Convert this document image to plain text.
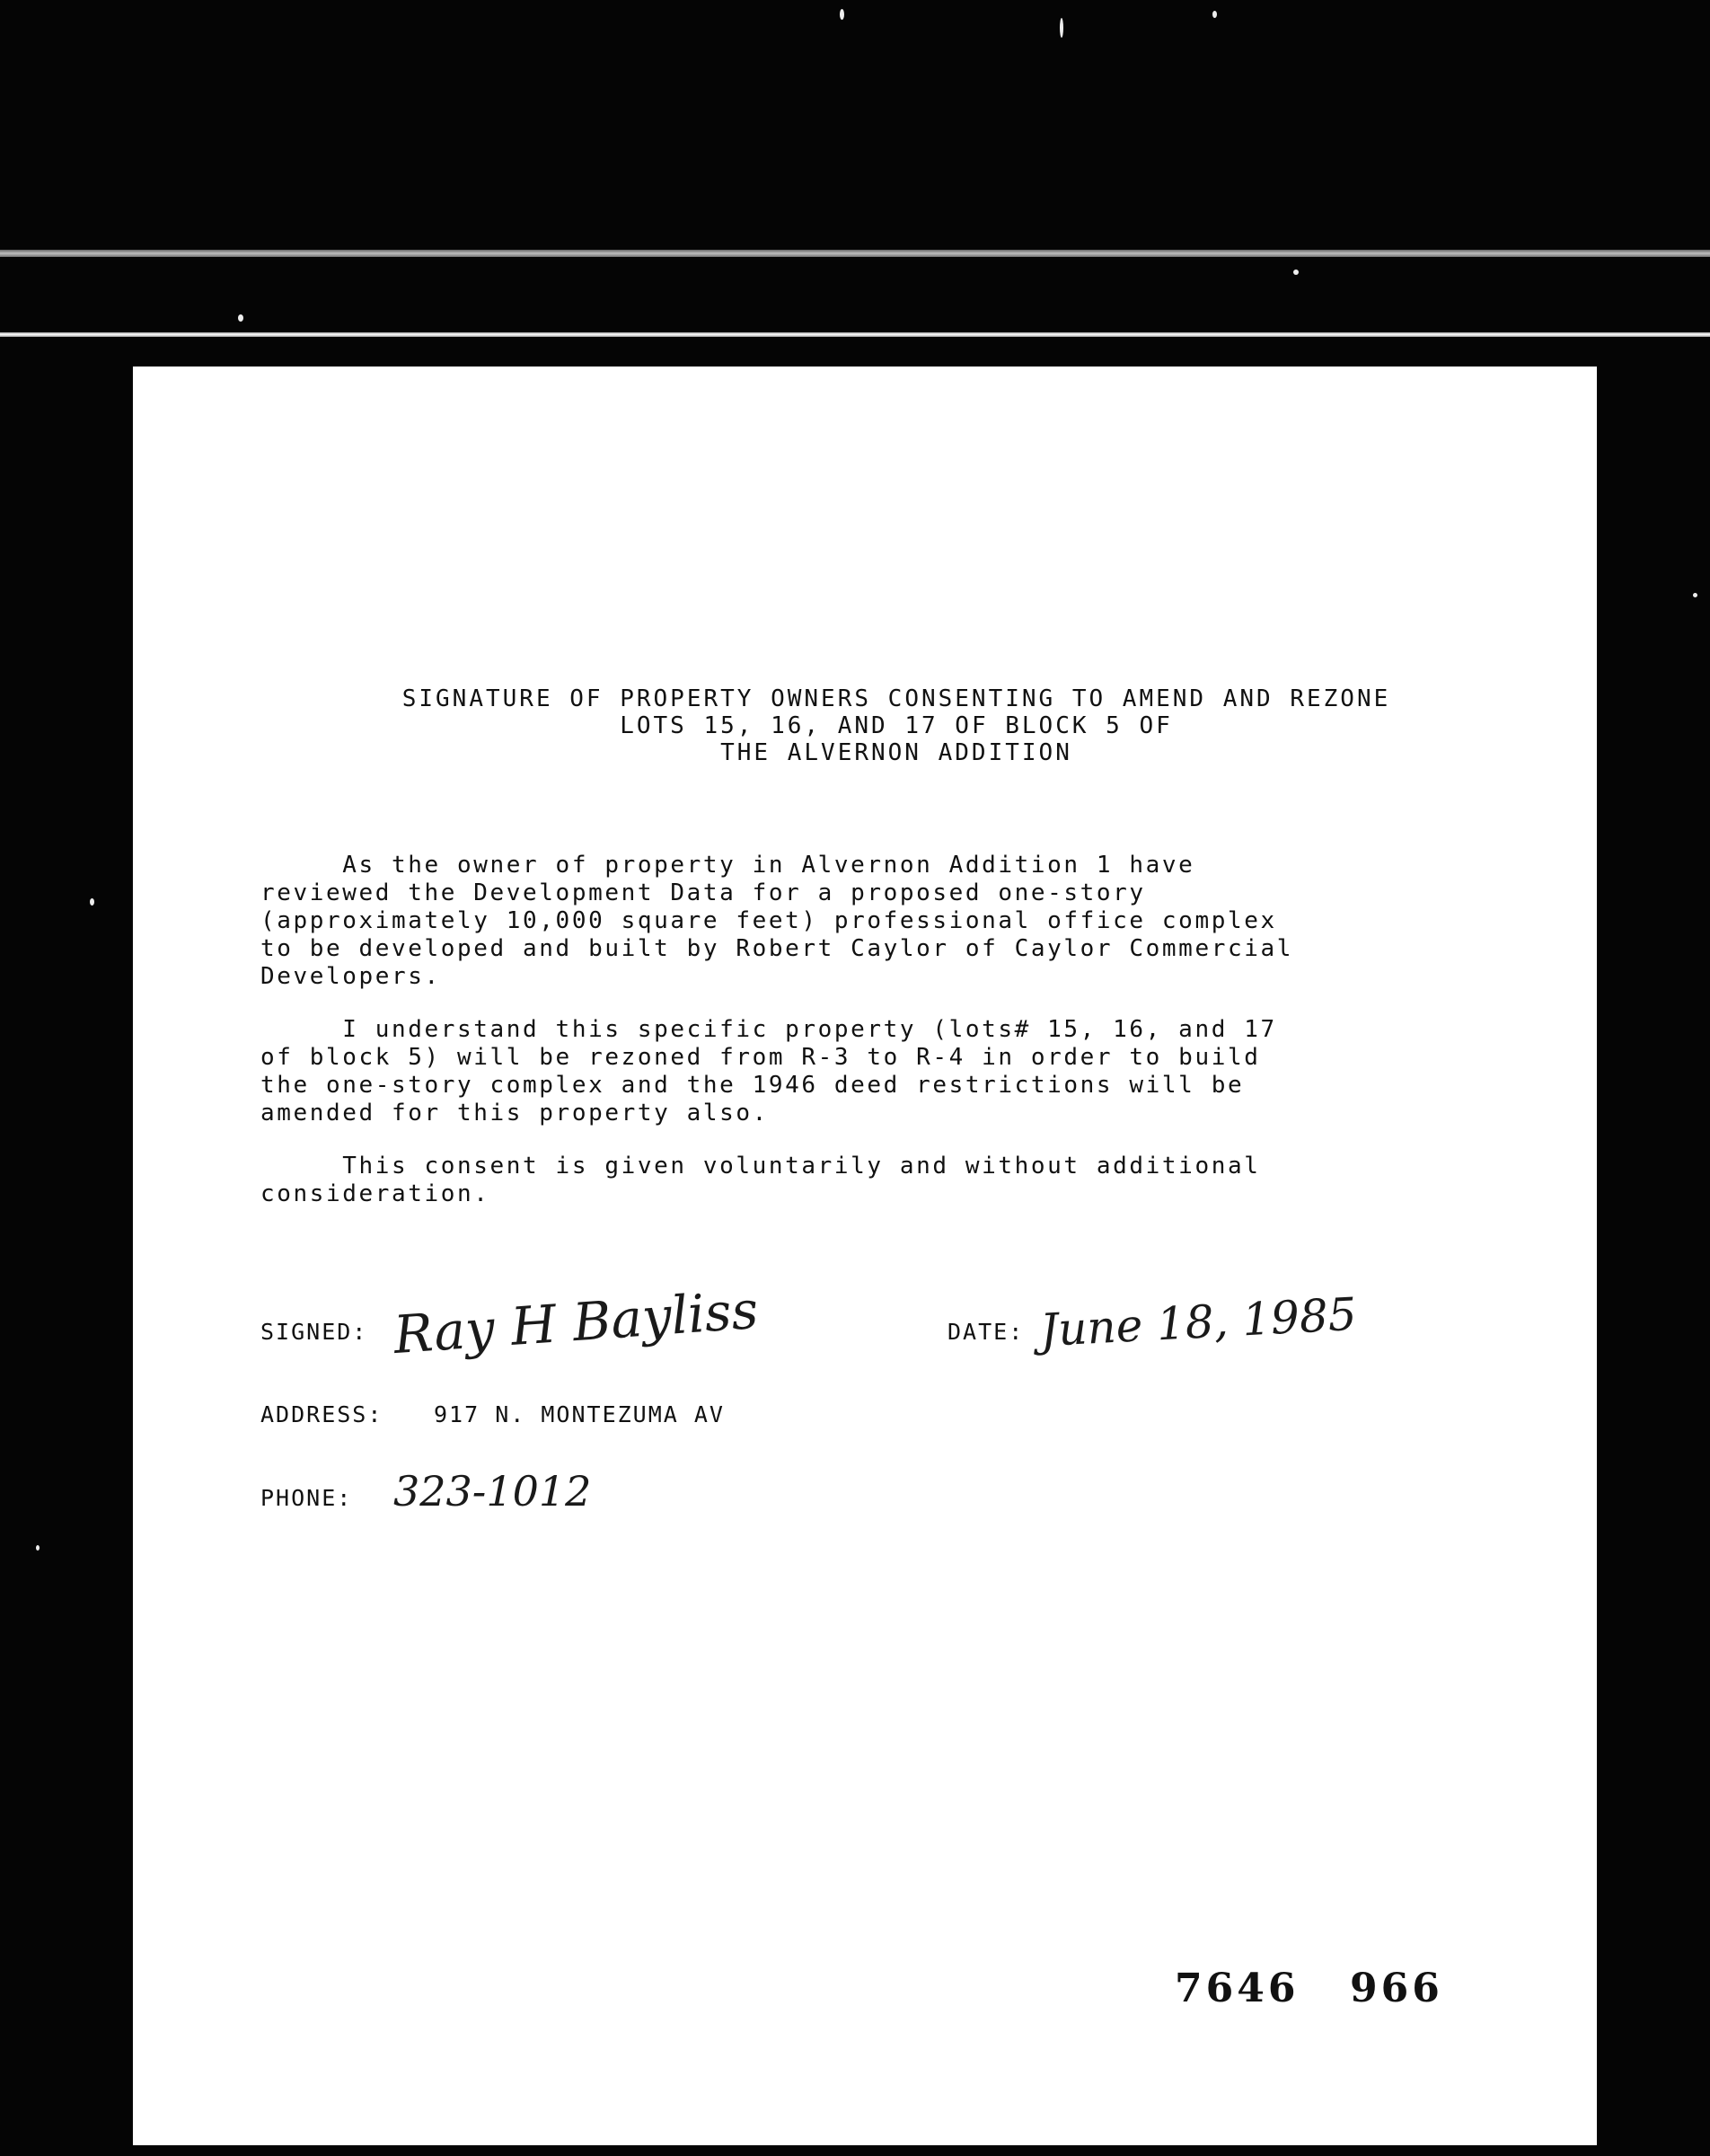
SIGNATURE OF PROPERTY OWNERS CONSENTING TO AMEND AND REZONE
LOTS 15, 16, AND 17 OF BLOCK 5 OF
THE ALVERNON ADDITION
As the owner of property in Alvernon Addition 1 have
reviewed the Development Data for a proposed one-story
(approximately 10,000 square feet) professional office complex
to be developed and built by Robert Caylor of Caylor Commercial
Developers.
I understand this specific property (lots# 15, 16, and 17
of block 5) will be rezoned from R-3 to R-4 in order to build
the one-story complex and the 1946 deed restrictions will be
amended for this property also.
This consent is given voluntarily and without additional
consideration.
SIGNED: Ray H Bayliss	DATE: June 18, 1985
ADDRESS: 917 N. MONTEZUMA AV
PHONE: 323-1012
7646 966
